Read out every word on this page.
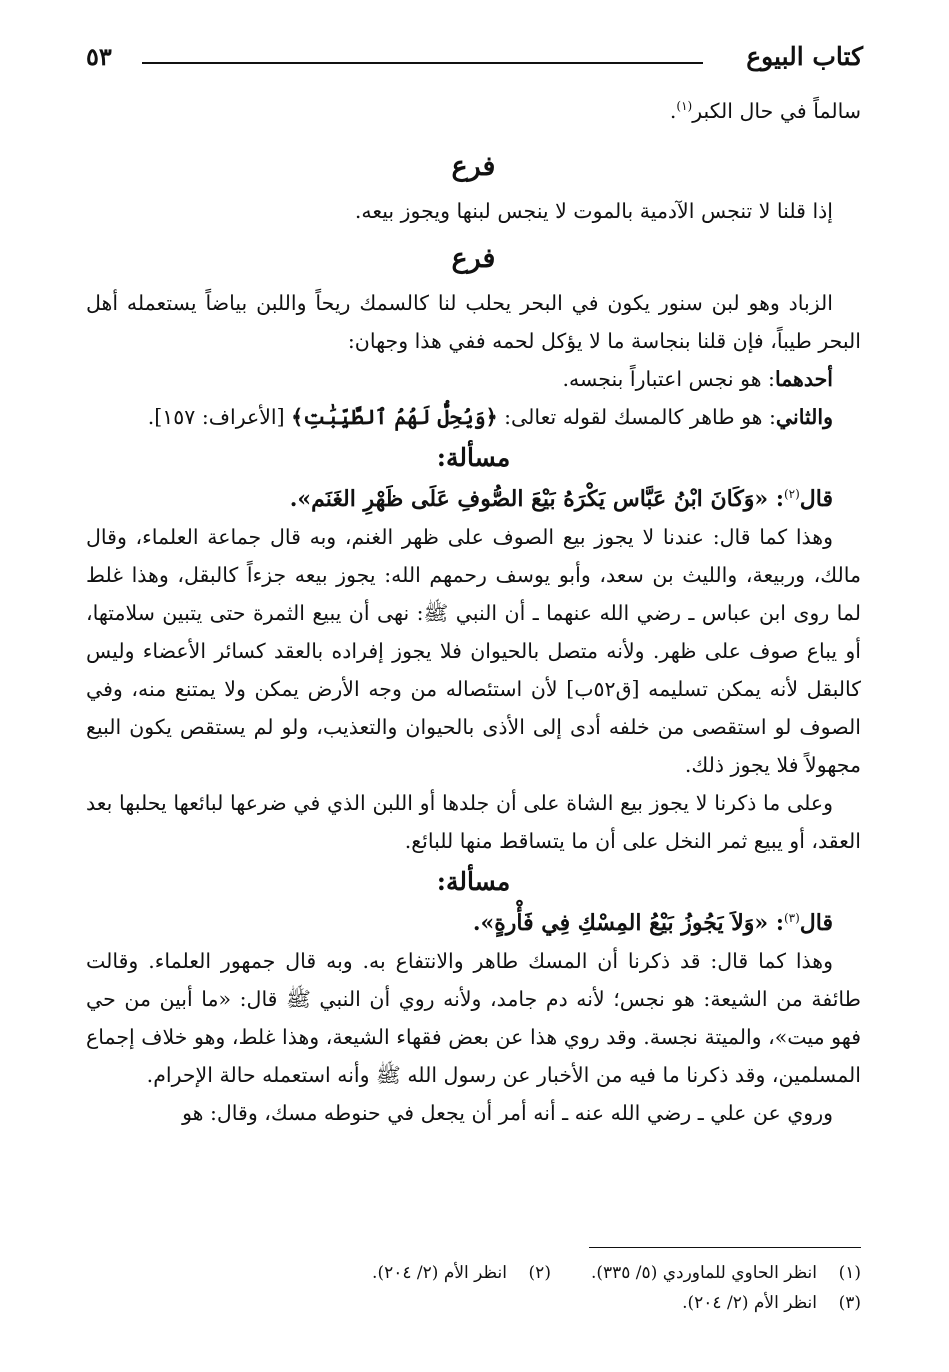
كتاب البيوع
٥٣

سالماً في حال الكبر$^{(١)}$.

فرع

إذا قلنا لا تنجس الآدمية بالموت لا ينجس لبنها ويجوز بيعه.

فرع

الزباد وهو لبن سنور يكون في البحر يحلب لنا كالسمك ريحاً واللبن بياضاً يستعمله أهل البحر طيباً، فإن قلنا بنجاسة ما لا يؤكل لحمه ففي هذا وجهان:

أحدهما: هو نجس اعتباراً بنجسه.

والثاني: هو طاهر كالمسك لقوله تعالى: ﴿وَيُحِلُّ لَهُمُ ٱلطَّيِّبَٰتِ﴾ [الأعراف: ١٥٧].

مسألة:

قال$^{(٢)}$: «وَكَانَ ابْنُ عَبَّاس يَكْرَهُ بَيْعَ الصُّوفِ عَلَى ظَهْرِ الغَنَم».

وهذا كما قال: عندنا لا يجوز بيع الصوف على ظهر الغنم، وبه قال جماعة العلماء، وقال مالك، وربيعة، والليث بن سعد، وأبو يوسف رحمهم الله: يجوز بيعه جزءاً كالبقل، وهذا غلط لما روى ابن عباس ـ رضي الله عنهما ـ أن النبي ﷺ: نهى أن يبيع الثمرة حتى يتبين سلامتها، أو يباع صوف على ظهر. ولأنه متصل بالحيوان فلا يجوز إفراده بالعقد كسائر الأعضاء وليس كالبقل لأنه يمكن تسليمه [ق٥٢ب] لأن استئصاله من وجه الأرض يمكن ولا يمتنع منه، وفي الصوف لو استقصى من خلفه أدى إلى الأذى بالحيوان والتعذيب، ولو لم يستقص يكون البيع مجهولاً فلا يجوز ذلك.

وعلى ما ذكرنا لا يجوز بيع الشاة على أن جلدها أو اللبن الذي في ضرعها لبائعها يحلبها بعد العقد، أو يبيع ثمر النخل على أن ما يتساقط منها للبائع.

مسألة:

قال$^{(٣)}$: «وَلاَ يَجُوزُ بَيْعُ المِسْكِ فِي فَأْرةٍ».

وهذا كما قال: قد ذكرنا أن المسك طاهر والانتفاع به. وبه قال جمهور العلماء. وقالت طائفة من الشيعة: هو نجس؛ لأنه دم جامد، ولأنه روي أن النبي ﷺ قال: «ما أبين من حي فهو ميت»، والميتة نجسة. وقد روي هذا عن بعض فقهاء الشيعة، وهذا غلط، وهو خلاف إجماع المسلمين، وقد ذكرنا ما فيه من الأخبار عن رسول الله ﷺ وأنه استعمله حالة الإحرام.

وروي عن علي ـ رضي الله عنه ـ أنه أمر أن يجعل في حنوطه مسك، وقال: هو

(١)انظر الحاوي للماوردي (٥/ ٣٣٥).
(٢)انظر الأم (٢/ ٢٠٤).
(٣)انظر الأم (٢/ ٢٠٤).
